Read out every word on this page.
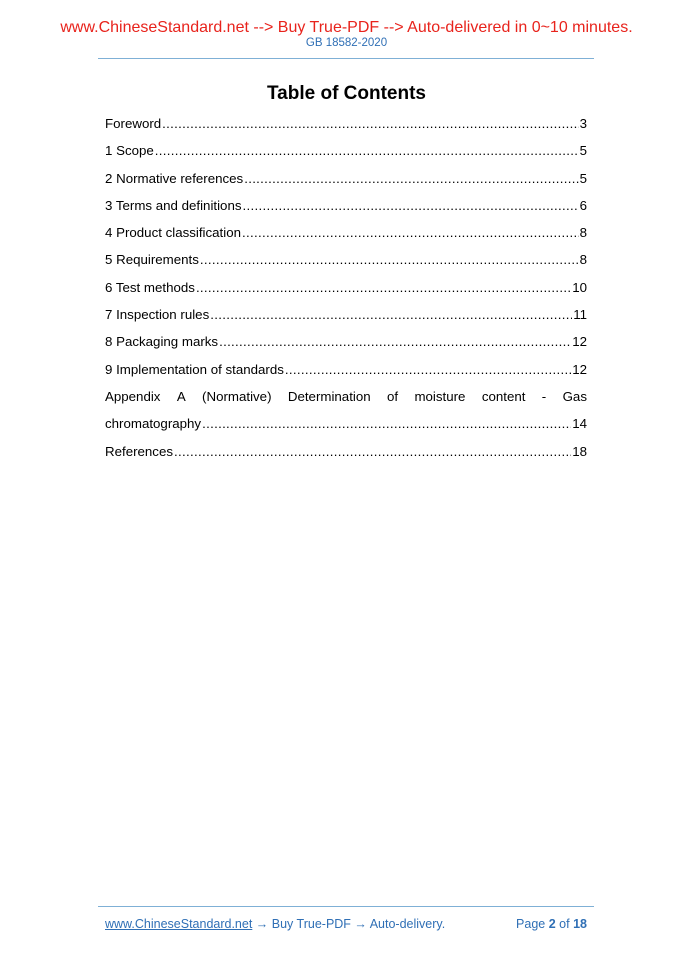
www.ChineseStandard.net --> Buy True-PDF --> Auto-delivered in 0~10 minutes.
GB 18582-2020
Table of Contents
Foreword .....	3
1 Scope .....	5
2 Normative references .....	5
3 Terms and definitions .....	6
4 Product classification .....	8
5 Requirements .....	8
6 Test methods .....	10
7 Inspection rules .....	11
8 Packaging marks .....	12
9 Implementation of standards .....	12
Appendix A (Normative) Determination of moisture content - Gas
chromatography .....	14
References .....	18
www.ChineseStandard.net → Buy True-PDF → Auto-delivery.	Page 2 of 18
